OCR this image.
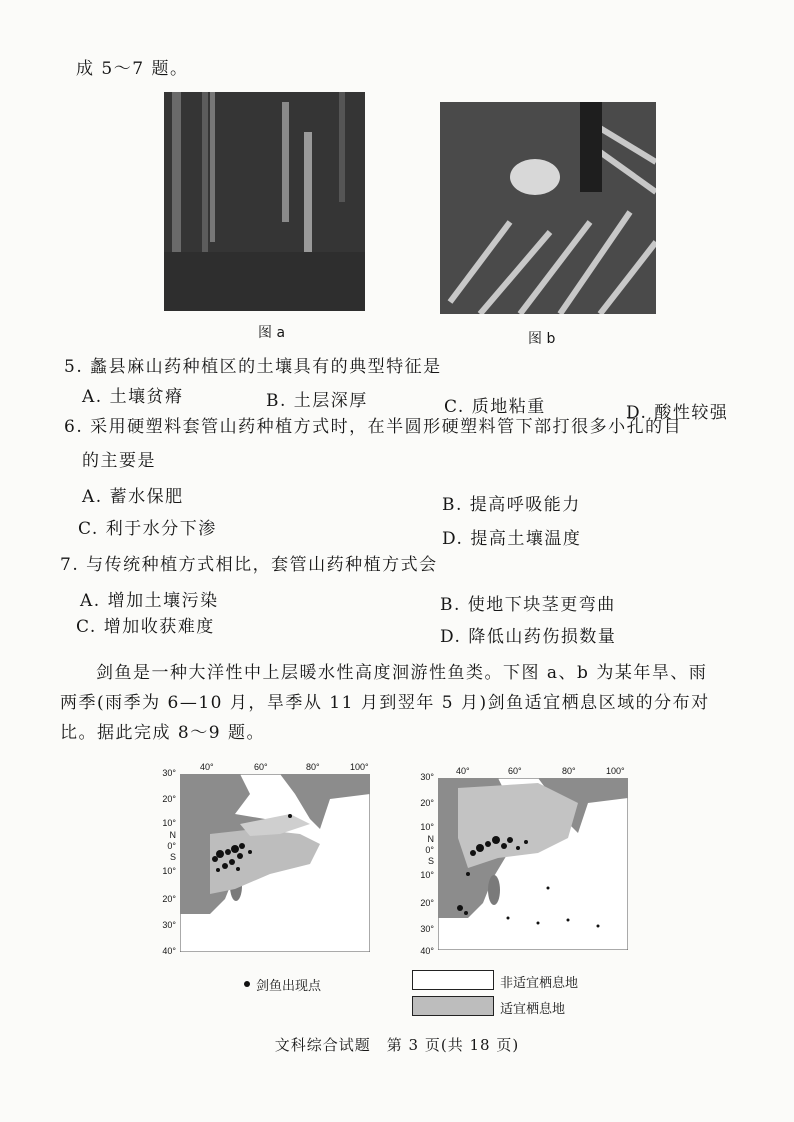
成 5～7 题。
图 a	图 b
5. 蠡县麻山药种植区的土壤具有的典型特征是
A. 土壤贫瘠	B. 土层深厚	C. 质地粘重	D. 酸性较强
6. 采用硬塑料套管山药种植方式时，在半圆形硬塑料管下部打很多小孔的目
的主要是
A. 蓄水保肥	B. 提高呼吸能力
C. 利于水分下渗	D. 提高土壤温度
7. 与传统种植方式相比，套管山药种植方式会
A. 增加土壤污染	B. 使地下块茎更弯曲
C. 增加收获难度	D. 降低山药伤损数量
剑鱼是一种大洋性中上层暖水性高度洄游性鱼类。下图 a、b 为某年旱、雨
两季(雨季为 6—10 月，旱季从 11 月到翌年 5 月)剑鱼适宜栖息区域的分布对
比。据此完成 8～9 题。
40°	60°	80°	100°
30°
20°
10°
N
0°
S
10°
20°
30°
40°
40°	60°	80°	100°
30°
20°
10°
N
0°
S
10°
20°
30°
40°
剑鱼出现点	非适宜栖息地
适宜栖息地
文科综合试题　第 3 页(共 18 页)
